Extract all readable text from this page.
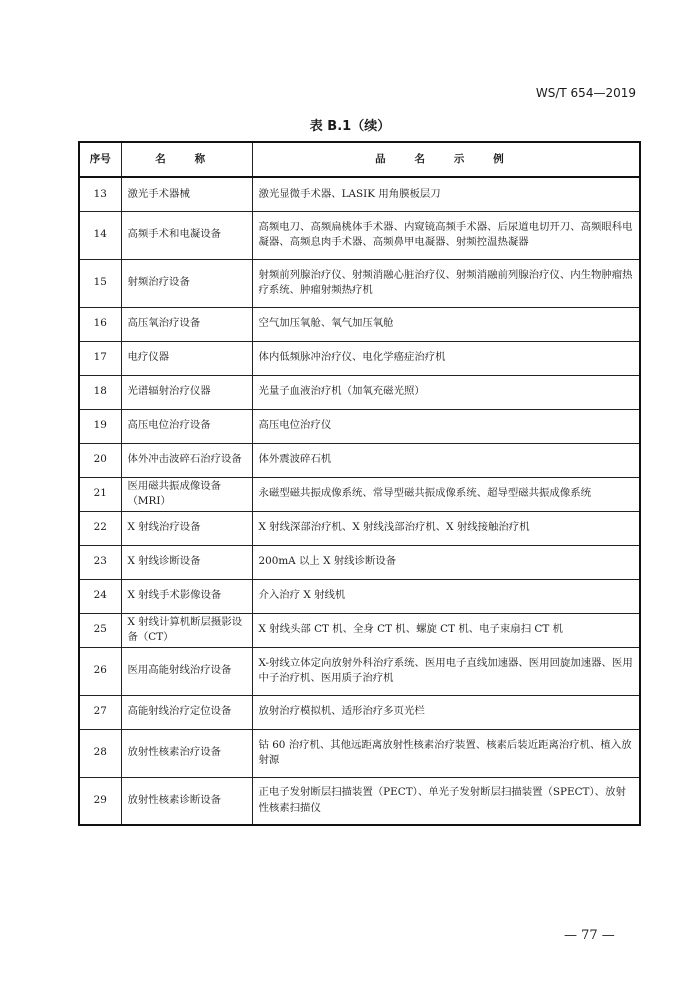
WS/T 654—2019
表 B.1（续）
序号	名 称	品 名 示 例
13	激光手术器械	激光显微手术器、LASIK 用角膜板层刀
14	高频手术和电凝设备	高频电刀、高频扁桃体手术器、内窥镜高频手术器、后尿道电切开刀、高频眼科电凝器、高频息肉手术器、高频鼻甲电凝器、射频控温热凝器
15	射频治疗设备	射频前列腺治疗仪、射频消融心脏治疗仪、射频消融前列腺治疗仪、内生物肿瘤热疗系统、肿瘤射频热疗机
16	高压氧治疗设备	空气加压氧舱、氧气加压氧舱
17	电疗仪器	体内低频脉冲治疗仪、电化学癌症治疗机
18	光谱辐射治疗仪器	光量子血液治疗机（加氧充磁光照）
19	高压电位治疗设备	高压电位治疗仪
20	体外冲击波碎石治疗设备	体外震波碎石机
21	医用磁共振成像设备（MRI）	永磁型磁共振成像系统、常导型磁共振成像系统、超导型磁共振成像系统
22	X 射线治疗设备	X 射线深部治疗机、X 射线浅部治疗机、X 射线接触治疗机
23	X 射线诊断设备	200mA 以上 X 射线诊断设备
24	X 射线手术影像设备	介入治疗 X 射线机
25	X 射线计算机断层摄影设备（CT）	X 射线头部 CT 机、全身 CT 机、螺旋 CT 机、电子束扇扫 CT 机
26	医用高能射线治疗设备	X-射线立体定向放射外科治疗系统、医用电子直线加速器、医用回旋加速器、医用中子治疗机、医用质子治疗机
27	高能射线治疗定位设备	放射治疗模拟机、适形治疗多页光栏
28	放射性核素治疗设备	钴 60 治疗机、其他远距离放射性核素治疗装置、核素后装近距离治疗机、植入放射源
29	放射性核素诊断设备	正电子发射断层扫描装置（PECT）、单光子发射断层扫描装置（SPECT）、放射性核素扫描仪
— 77 —
